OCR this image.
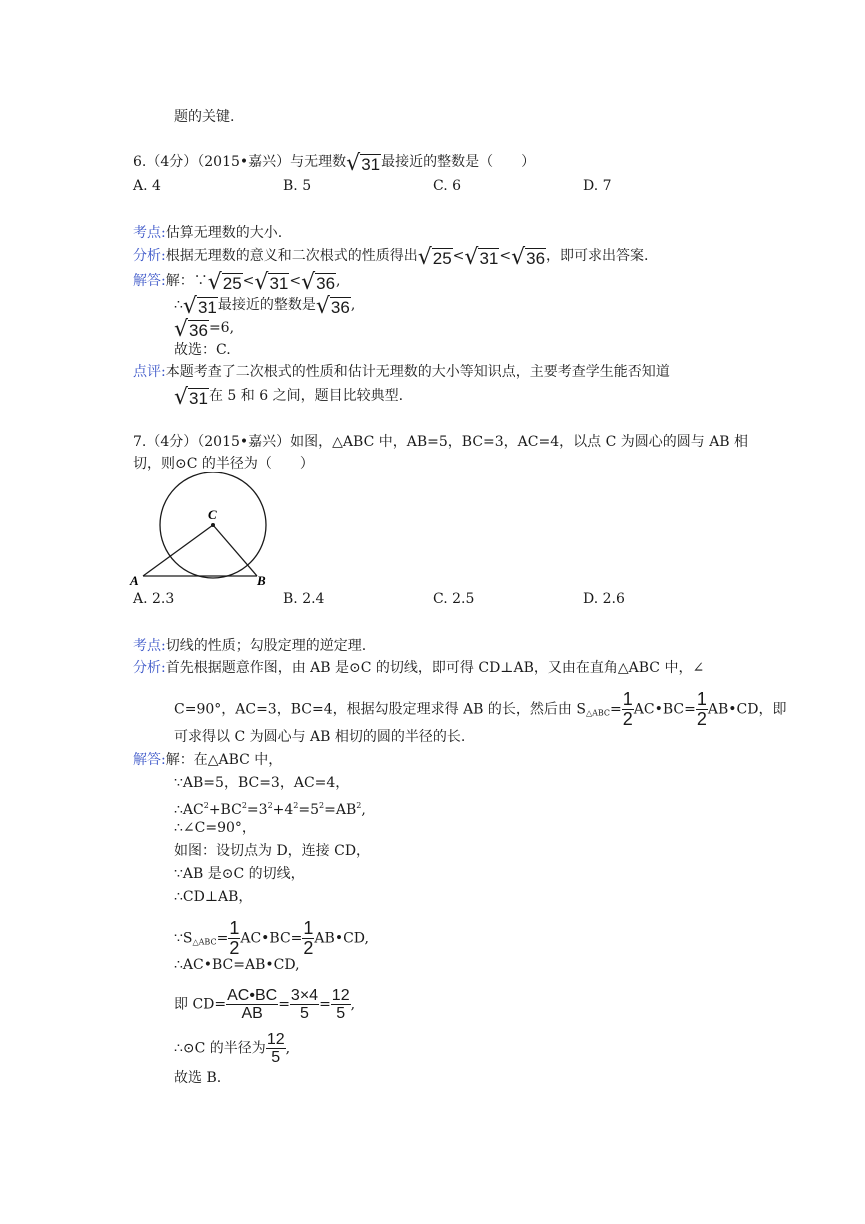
题的关键.
6.（4分）（2015•嘉兴）与无理数 √ 31 最接近的整数是（　　）
A. 4	B. 5	C. 6	D. 7
考点:估算无理数的大小.
分析:根据无理数的意义和二次根式的性质得出 √ 25 < √ 31 < √ 36 ，即可求出答案.
解答:解：∵ √ 25 < √ 31 < √ 36 ,
∴ √ 31 最接近的整数是 √ 36 ,
√ 36 =6,
故选：C.
点评:本题考查了二次根式的性质和估计无理数的大小等知识点，主要考查学生能否知道
√ 31 在 5 和 6 之间，题目比较典型.
7.（4分）（2015•嘉兴）如图，△ABC 中，AB=5，BC=3，AC=4，以点 C 为圆心的圆与 AB 相
切，则⊙C 的半径为（　　）
C
A	B
A. 2.3	B. 2.4	C. 2.5	D. 2.6
考点:切线的性质；勾股定理的逆定理.
分析:首先根据题意作图，由 AB 是⊙C 的切线，即可得 CD⊥AB，又由在直角△ABC 中，∠
C=90°，AC=3，BC=4，根据勾股定理求得 AB 的长，然后由 $S_{\triangle ABC}= \frac{1}{2}$ AC•BC= $\frac{1}{2}$ AB•CD，即
可求得以 C 为圆心与 AB 相切的圆的半径的长.
解答:解：在△ABC 中，
∵AB=5，BC=3，AC=4，
$\therefore AC^2+BC^2=3^2+4^2=5^2=AB^2$,
∴∠C=90°，
如图：设切点为 D，连接 CD，
∵AB 是⊙C 的切线，
∴CD⊥AB，
$\because S_{\triangle ABC}= \frac{1}{2}$ AC•BC= $\frac{1}{2}$ AB•CD,
∴AC•BC=AB•CD,
即 $CD= \frac{AC•BC}{AB} = \frac{3\times 4}{5} = \frac{12}{5}$ ,
∴⊙C 的半径为 $\frac{12}{5}$ ,
故选 B.
